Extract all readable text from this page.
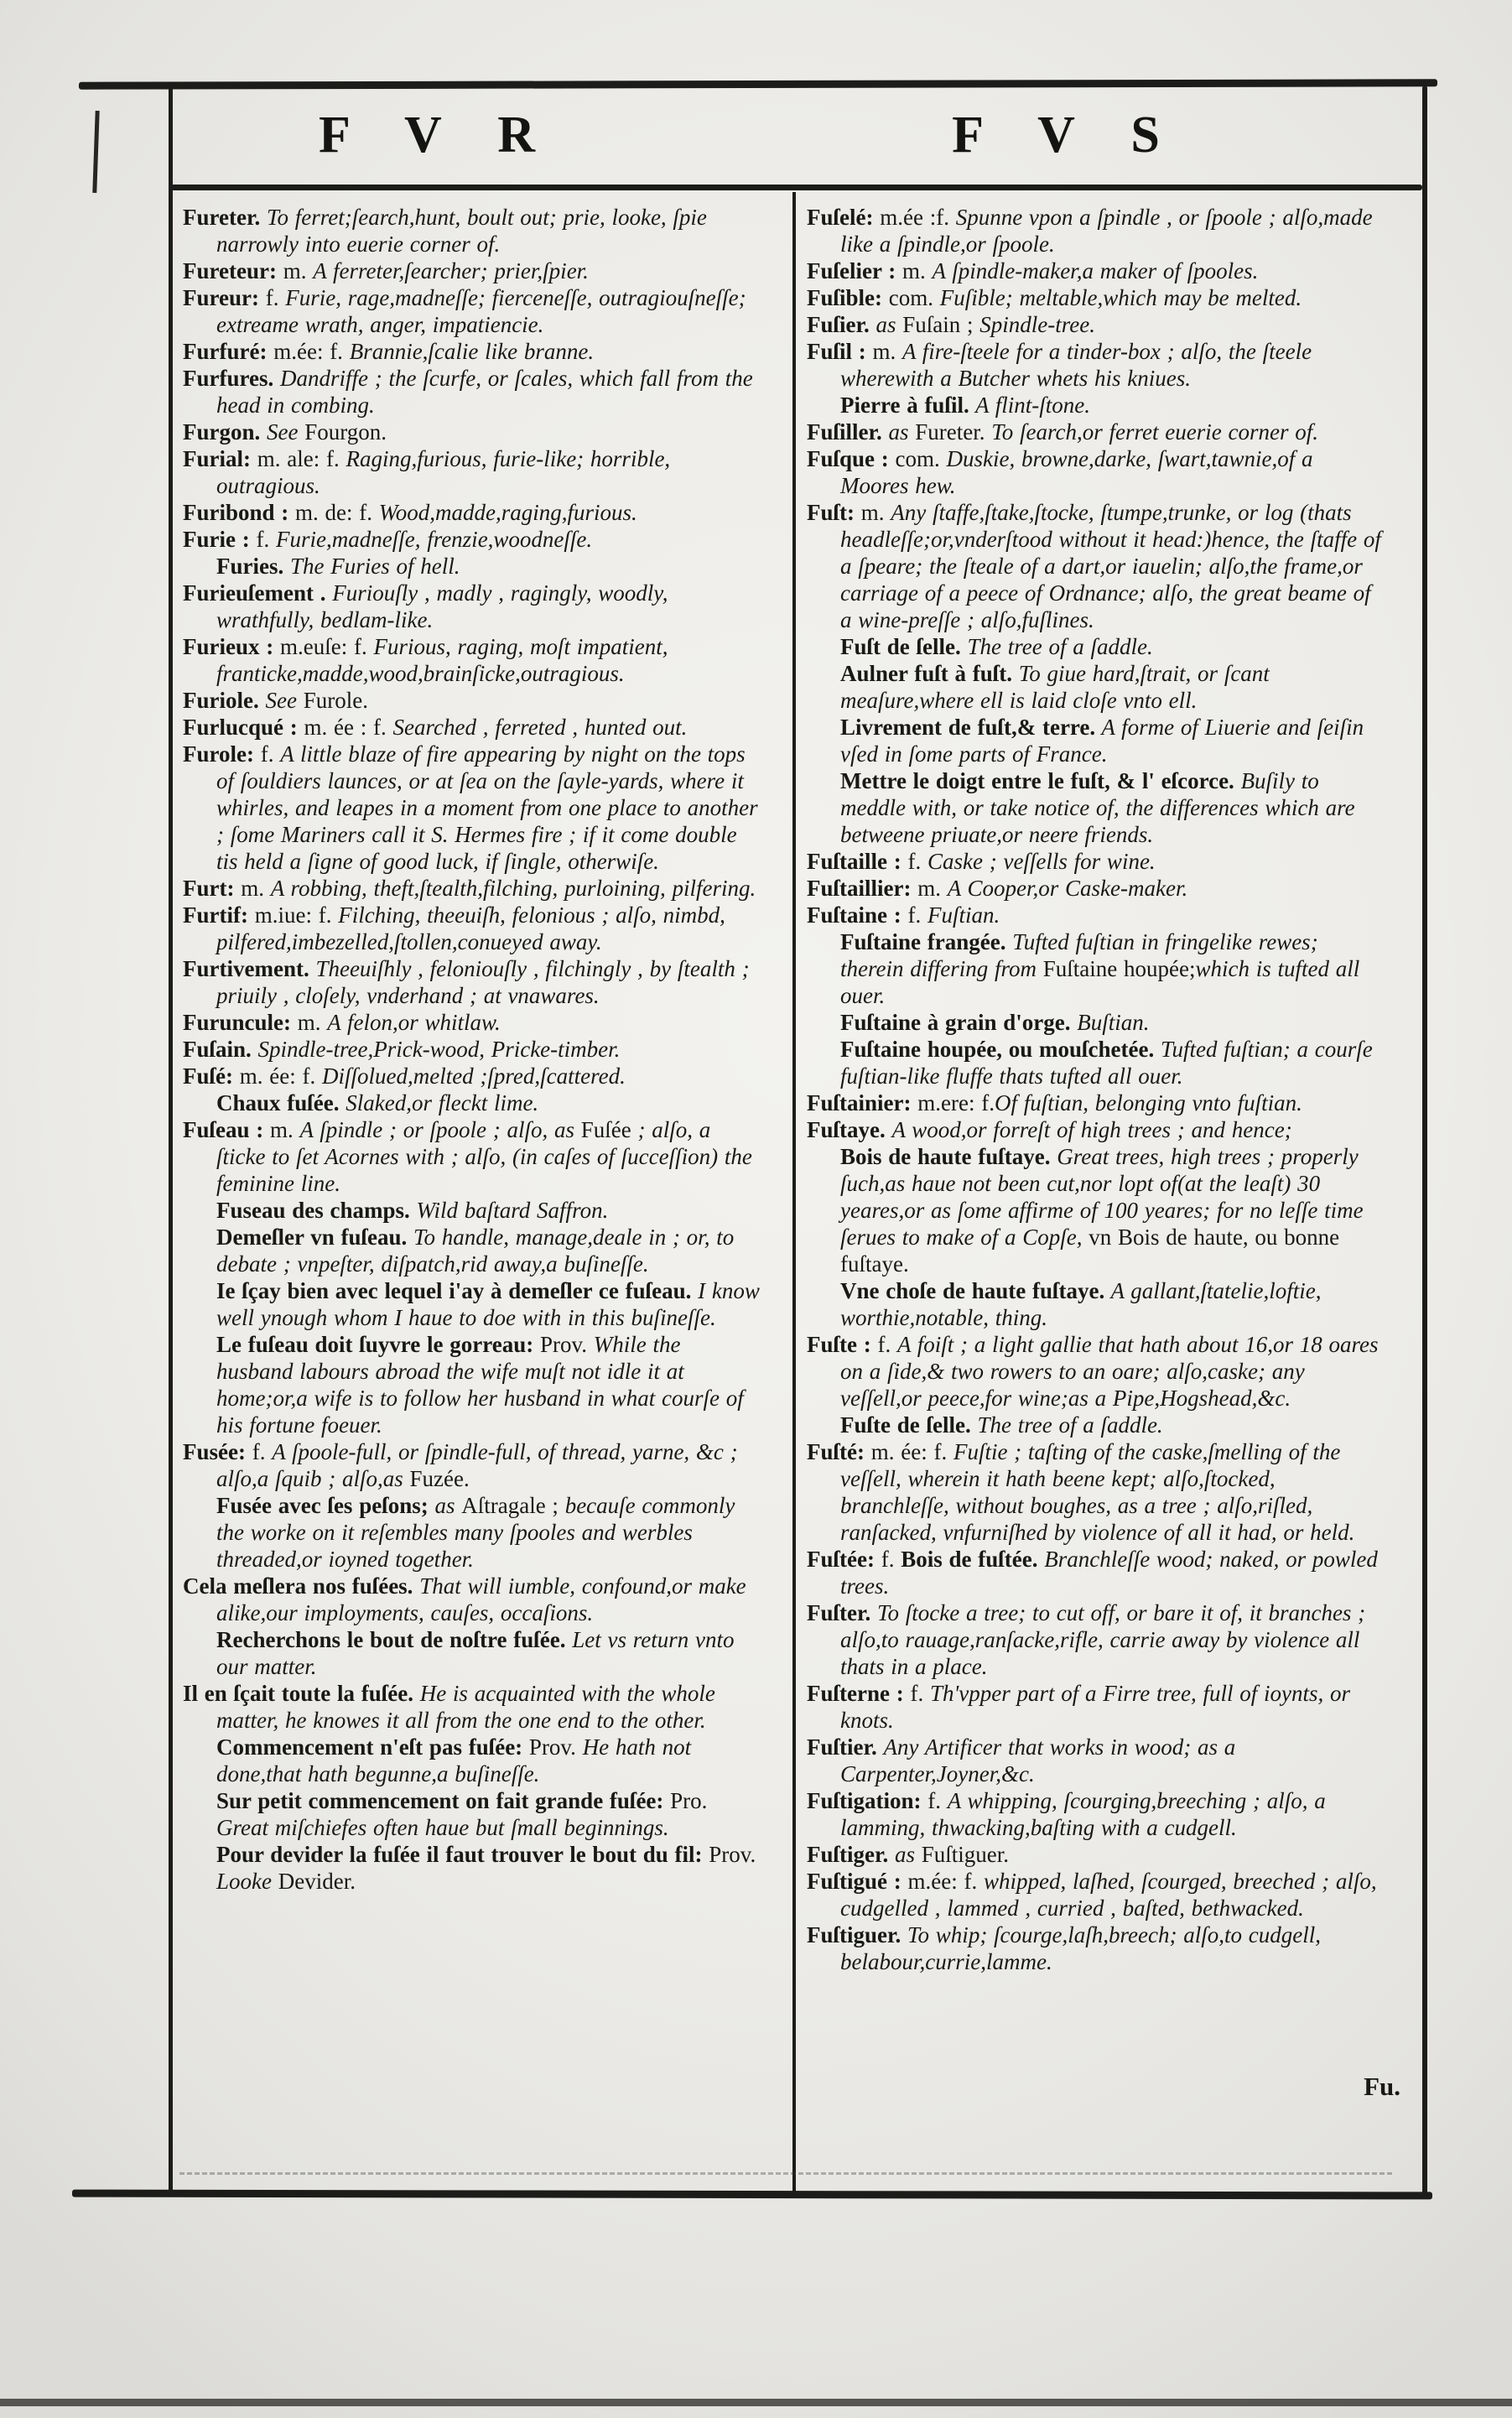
F V R	F V S

Fureter. To ferret;ſearch,hunt, boult out; prie, looke, ſpie narrowly into euerie corner of.

Fureteur: m. A ferreter,ſearcher; prier,ſpier.

Fureur: f. Furie, rage,madneſſe; fierceneſſe, outragiouſneſſe; extreame wrath, anger, impatiencie.

Furfuré: m.ée: f. Brannie,ſcalie like branne.

Furfures. Dandriffe ; the ſcurfe, or ſcales, which fall from the head in combing.

Furgon. See Fourgon.

Furial: m. ale: f. Raging,furious, furie-like; horrible, outragious.

Furibond : m. de: f. Wood,madde,raging,furious.

Furie : f. Furie,madneſſe, frenzie,woodneſſe.

Furies. The Furies of hell.

Furieuſement . Furiouſly , madly , ragingly, woodly, wrathfully, bedlam-like.

Furieux : m.euſe: f. Furious, raging, moſt impatient, franticke,madde,wood,brainſicke,outragious.

Furiole. See Furole.

Furlucqué : m. ée : f. Searched , ferreted , hunted out.

Furole: f. A little blaze of fire appearing by night on the tops of ſouldiers launces, or at ſea on the ſayle-yards, where it whirles, and leapes in a moment from one place to another ; ſome Mariners call it S. Hermes fire ; if it come double tis held a ſigne of good luck, if ſingle, otherwiſe.

Furt: m. A robbing, theft,ſtealth,filching, purloining, pilfering.

Furtif: m.iue: f. Filching, theeuiſh, felonious ; alſo, nimbd, pilfered,imbezelled,ſtollen,conueyed away.

Furtivement. Theeuiſhly , feloniouſly , filchingly , by ſtealth ; priuily , cloſely, vnderhand ; at vnawares.

Furuncule: m. A felon,or whitlaw.

Fuſain. Spindle-tree,Prick-wood, Pricke-timber.

Fuſé: m. ée: f. Diſſolued,melted ;ſpred,ſcattered.

Chaux fuſée. Slaked,or fleckt lime.

Fuſeau : m. A ſpindle ; or ſpoole ; alſo, as Fuſée ; alſo, a ſticke to ſet Acornes with ; alſo, (in caſes of ſucceſſion) the feminine line.

Fuseau des champs. Wild baſtard Saffron.

Demeſler vn fuſeau. To handle, manage,deale in ; or, to debate ; vnpeſter, diſpatch,rid away,a buſineſſe.

Ie ſçay bien avec lequel i'ay à demeſler ce fuſeau. I know well ynough whom I haue to doe with in this buſineſſe.

Le fuſeau doit ſuyvre le gorreau: Prov. While the husband labours abroad the wife muſt not idle it at home;or,a wife is to follow her husband in what courſe of his fortune foeuer.

Fusée: f. A ſpoole-full, or ſpindle-full, of thread, yarne, &c ; alſo,a ſquib ; alſo,as Fuzée.

Fusée avec ſes peſons; as Aſtragale ; becauſe commonly the worke on it reſembles many ſpooles and werbles threaded,or ioyned together.

Cela meſlera nos fuſées. That will iumble, confound,or make alike,our imployments, cauſes, occaſions.

Recherchons le bout de noſtre fuſée. Let vs return vnto our matter.

Il en ſçait toute la fuſée. He is acquainted with the whole matter, he knowes it all from the one end to the other.

Commencement n'eſt pas fuſée: Prov. He hath not done,that hath begunne,a buſineſſe.

Sur petit commencement on fait grande fuſée: Pro. Great miſchiefes often haue but ſmall beginnings.

Pour devider la fuſée il faut trouver le bout du fil: Prov. Looke Devider.

Fuſelé: m.ée :f. Spunne vpon a ſpindle , or ſpoole ; alſo,made like a ſpindle,or ſpoole.

Fuſelier : m. A ſpindle-maker,a maker of ſpooles.

Fuſible: com. Fuſible; meltable,which may be melted.

Fuſier. as Fuſain ; Spindle-tree.

Fuſil : m. A fire-ſteele for a tinder-box ; alſo, the ſteele wherewith a Butcher whets his kniues.

Pierre à fuſil. A flint-ſtone.

Fuſiller. as Fureter. To ſearch,or ferret euerie corner of.

Fuſque : com. Duskie, browne,darke, ſwart,tawnie,of a Moores hew.

Fuſt: m. Any ſtaffe,ſtake,ſtocke, ſtumpe,trunke, or log (thats headleſſe;or,vnderſtood without it head:)hence, the ſtaffe of a ſpeare; the ſteale of a dart,or iauelin; alſo,the frame,or carriage of a peece of Ordnance; alſo, the great beame of a wine-preſſe ; alſo,fuſlines.

Fuſt de ſelle. The tree of a ſaddle.

Aulner fuſt à fuſt. To giue hard,ſtrait, or ſcant meaſure,where ell is laid cloſe vnto ell.

Livrement de fuſt,& terre. A forme of Liuerie and ſeiſin vſed in ſome parts of France.

Mettre le doigt entre le fuſt, & l' eſcorce. Buſily to meddle with, or take notice of, the differences which are betweene priuate,or neere friends.

Fuſtaille : f. Caske ; veſſells for wine.

Fuſtaillier: m. A Cooper,or Caske-maker.

Fuſtaine : f. Fuſtian.

Fuſtaine frangée. Tufted fuſtian in fringelike rewes; therein differing from Fuſtaine houpée;which is tufted all ouer.

Fuſtaine à grain d'orge. Buſtian.

Fuſtaine houpée, ou mouſchetée. Tufted fuſtian; a courſe fuſtian-like fluffe thats tufted all ouer.

Fuſtainier: m.ere: f.Of fuſtian, belonging vnto fuſtian.

Fuſtaye. A wood,or forreſt of high trees ; and hence;

Bois de haute fuſtaye. Great trees, high trees ; properly ſuch,as haue not been cut,nor lopt of(at the leaſt) 30 yeares,or as ſome affirme of 100 yeares; for no leſſe time ſerues to make of a Copſe, vn Bois de haute, ou bonne fuſtaye.

Vne choſe de haute fuſtaye. A gallant,ſtatelie,loftie, worthie,notable, thing.

Fuſte : f. A foiſt ; a light gallie that hath about 16,or 18 oares on a ſide,& two rowers to an oare; alſo,caske; any veſſell,or peece,for wine;as a Pipe,Hogshead,&c.

Fuſte de ſelle. The tree of a ſaddle.

Fuſté: m. ée: f. Fuſtie ; taſting of the caske,ſmelling of the veſſell, wherein it hath beene kept; alſo,ſtocked, branchleſſe, without boughes, as a tree ; alſo,riſled, ranſacked, vnfurniſhed by violence of all it had, or held.

Fuſtée: f. Bois de fuſtée. Branchleſſe wood; naked, or powled trees.

Fuſter. To ſtocke a tree; to cut off, or bare it of, it branches ; alſo,to rauage,ranſacke,rifle, carrie away by violence all thats in a place.

Fuſterne : f. Th'vpper part of a Firre tree, full of ioynts, or knots.

Fuſtier. Any Artificer that works in wood; as a Carpenter,Joyner,&c.

Fuſtigation: f. A whipping, ſcourging,breeching ; alſo, a lamming, thwacking,baſting with a cudgell.

Fuſtiger. as Fuſtiguer.

Fuſtigué : m.ée: f. whipped, laſhed, ſcourged, breeched ; alſo, cudgelled , lammed , curried , baſted, bethwacked.

Fuſtiguer. To whip; ſcourge,laſh,breech; alſo,to cudgell, belabour,currie,lamme.

Fu.
